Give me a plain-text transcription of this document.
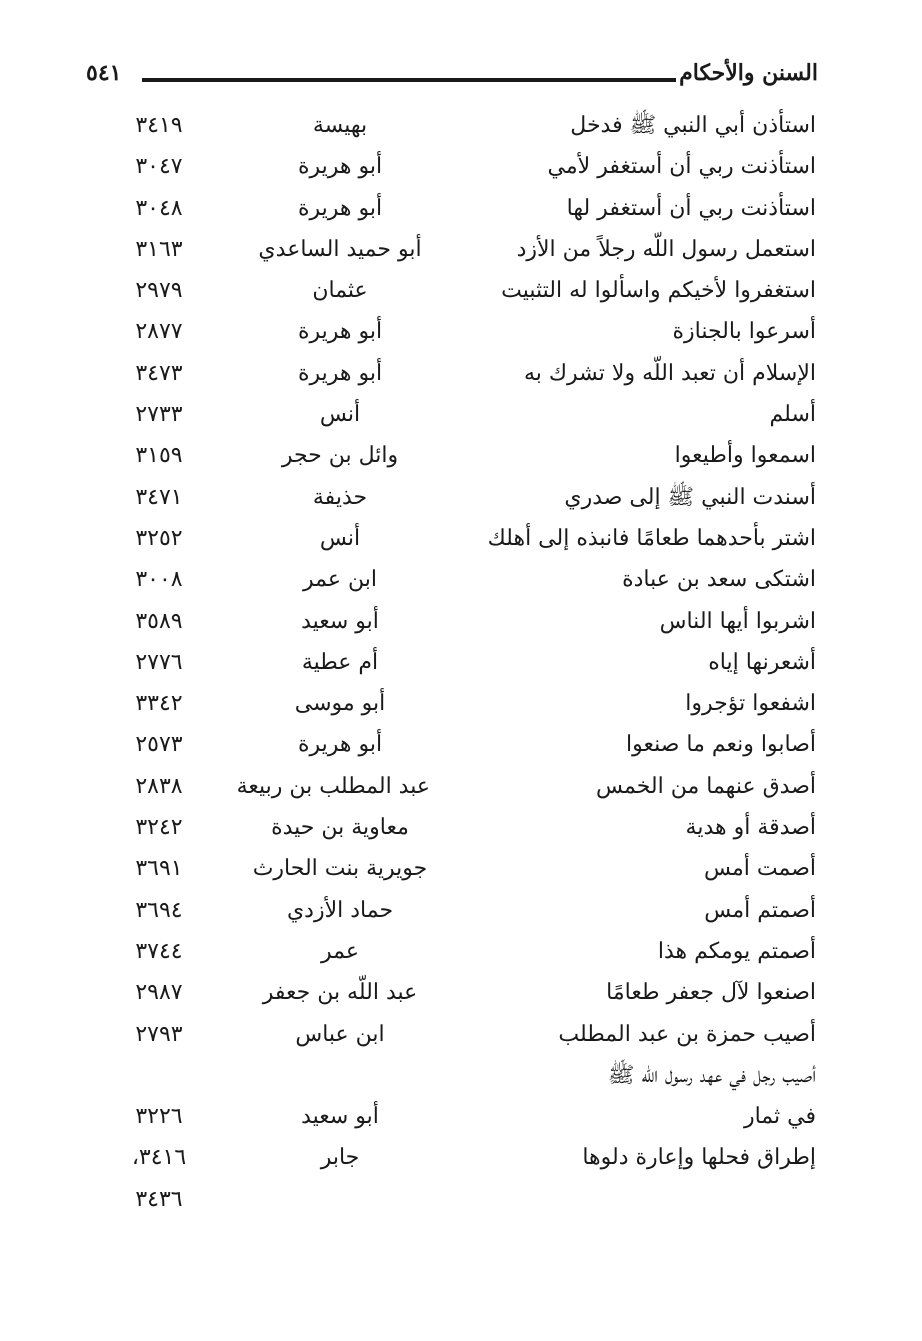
السنن والأحكام
٥٤١
استأذن أبي النبي ﷺ فدخل
بهيسة
٣٤١٩
استأذنت ربي أن أستغفر لأمي
أبو هريرة
٣٠٤٧
استأذنت ربي أن أستغفر لها
أبو هريرة
٣٠٤٨
استعمل رسول اللّه رجلاً من الأزد
أبو حميد الساعدي
٣١٦٣
استغفروا لأخيكم واسألوا له التثبيت
عثمان
٢٩٧٩
أسرعوا بالجنازة
أبو هريرة
٢٨٧٧
الإسلام أن تعبد اللّه ولا تشرك به
أبو هريرة
٣٤٧٣
أسلم
أنس
٢٧٣٣
اسمعوا وأطيعوا
وائل بن حجر
٣١٥٩
أسندت النبي ﷺ إلى صدري
حذيفة
٣٤٧١
اشتر بأحدهما طعامًا فانبذه إلى أهلك
أنس
٣٢٥٢
اشتكى سعد بن عبادة
ابن عمر
٣٠٠٨
اشربوا أيها الناس
أبو سعيد
٣٥٨٩
أشعرنها إياه
أم عطية
٢٧٧٦
اشفعوا تؤجروا
أبو موسى
٣٣٤٢
أصابوا ونعم ما صنعوا
أبو هريرة
٢٥٧٣
أصدق عنهما من الخمس
عبد المطلب بن ربيعة
٢٨٣٨
أصدقة أو هدية
معاوية بن حيدة
٣٢٤٢
أصمت أمس
جويرية بنت الحارث
٣٦٩١
أصمتم أمس
حماد الأزدي
٣٦٩٤
أصمتم يومكم هذا
عمر
٣٧٤٤
اصنعوا لآل جعفر طعامًا
عبد اللّه بن جعفر
٢٩٨٧
أصيب حمزة بن عبد المطلب
ابن عباس
٢٧٩٣
أصيب رجل في عهد رسول اللّه ﷺ
في ثمار
أبو سعيد
٣٢٢٦
إطراق فحلها وإعارة دلوها
جابر
٣٤١٦،
٣٤٣٦
